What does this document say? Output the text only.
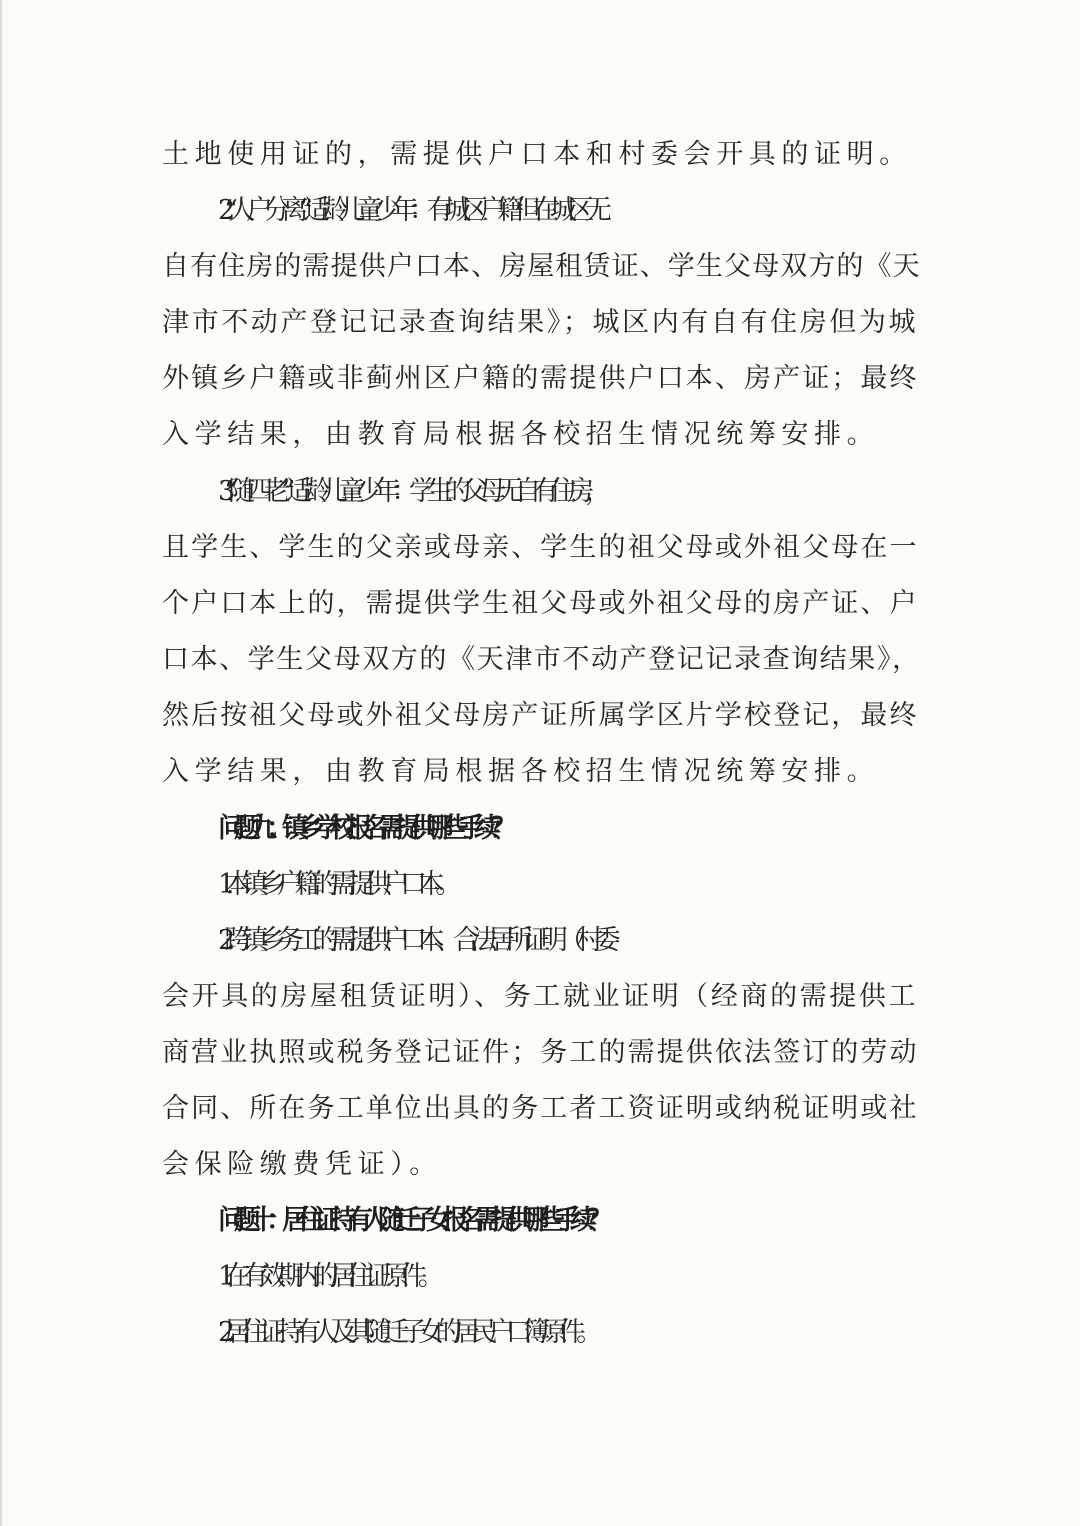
土地使用证的，需提供户口本和村委会开具的证明。
2. “人户分离”适龄儿童少年：有城区户籍但在城区无
自有住房的需提供户口本、房屋租赁证、学生父母双方的《天
津市不动产登记记录查询结果》；城区内有自有住房但为城
外镇乡户籍或非蓟州区户籍的需提供户口本、房产证；最终
入学结果，由教育局根据各校招生情况统筹安排。
3. “随四老”适龄儿童少年：学生的父母无自有住房，
且学生、学生的父亲或母亲、学生的祖父母或外祖父母在一
个户口本上的，需提供学生祖父母或外祖父母的房产证、户
口本、学生父母双方的《天津市不动产登记记录查询结果》，
然后按祖父母或外祖父母房产证所属学区片学校登记，最终
入学结果，由教育局根据各校招生情况统筹安排。
问题九：镇乡学校报名需提供哪些手续？
1. 本镇乡户籍的需提供户口本。
2. 跨镇乡务工的需提供户口本、合法居所证明（村委
会开具的房屋租赁证明）、务工就业证明（经商的需提供工
商营业执照或税务登记证件；务工的需提供依法签订的劳动
合同、所在务工单位出具的务工者工资证明或纳税证明或社
会保险缴费凭证）。
问题十：居住证持有人随迁子女报名需提供哪些手续？
1. 在有效期内的居住证原件。
2. 居住证持有人及其随迁子女的居民户口簿原件。
